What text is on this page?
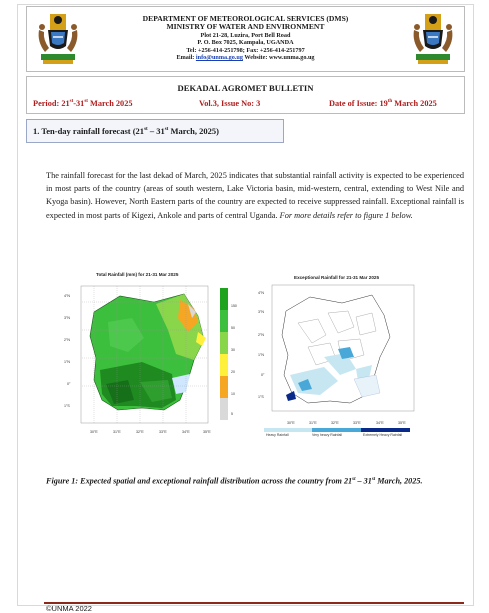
DEPARTMENT OF METEOROLOGICAL SERVICES (DMS)
MINISTRY OF WATER AND ENVIRONMENT
Plot 21-28, Luzira, Port Bell Road
P. O. Box 7025, Kampala, UGANDA
Tel: +256-414-251798; Fax: +256-414-251797
Email: info@unma.go.ug Website: www.unma.go.ug
DEKADAL AGROMET BULLETIN
Period: 21st-31st March 2025	Vol.3, Issue No: 3	Date of Issue: 19th March 2025
1. Ten-day rainfall forecast (21st – 31st March, 2025)
The rainfall forecast for the last dekad of March, 2025 indicates that substantial rainfall activity is expected to be experienced in most parts of the country (areas of south western, Lake Victoria basin, mid-western, central, extending to West Nile and Kyoga basin). However, North Eastern parts of the country are expected to receive suppressed rainfall. Exceptional rainfall is expected in most parts of Kigezi, Ankole and parts of central Uganda. For more details refer to figure 1 below.
Total Rainfall (mm) for 21-31 Mar 2025
4°N
3°N
2°N
1°N
0°
1°S
30°E	31°E	32°E	33°E	34°E	35°E
150
50
30
20
10
5
Exceptional Rainfall for 21-31 Mar 2025
4°N
3°N
2°N
1°N
0°
1°S
30°E	31°E	32°E	33°E	34°E	35°E
Heavy Rainfall	Very heavy Rainfall	Extremely Heavy Rainfall
Figure 1: Expected spatial and exceptional rainfall distribution across the country from 21st – 31st March, 2025.
©UNMA 2022
